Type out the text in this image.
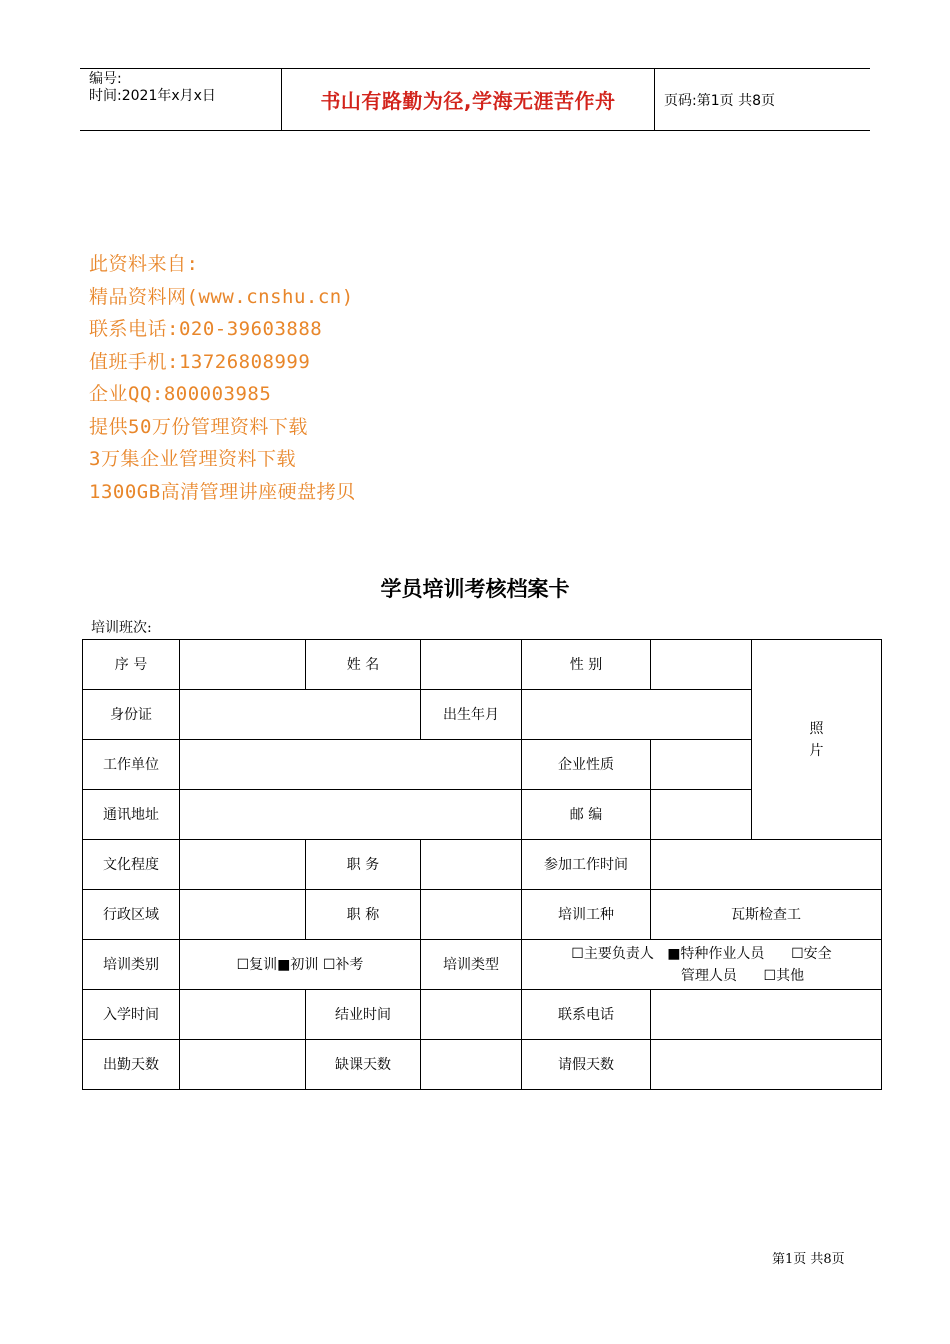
编号:
时间:2021年x月x日	书山有路勤为径,学海无涯苦作舟	页码:第1页 共8页
此资料来自:
精品资料网(www.cnshu.cn)
联系电话:020-39603888
值班手机:13726808999
企业QQ:800003985
提供50万份管理资料下载
3万集企业管理资料下载
1300GB高清管理讲座硬盘拷贝
学员培训考核档案卡
培训班次:
序 号		姓 名		性 别		照
片

身份证			出生年月			
工作单位				企业性质		
通讯地址				邮 编		
文化程度		职 务		参加工作时间		
行政区域		职 称		培训工种	瓦斯检查工	
培训类别	☐复训■初训 ☐补考		培训类型	☐主要负责人   ■特种作业人员      ☐安全
管理人员      ☐其他		

入学时间		结业时间		联系电话		
出勤天数		缺课天数		请假天数		
第1页 共8页
